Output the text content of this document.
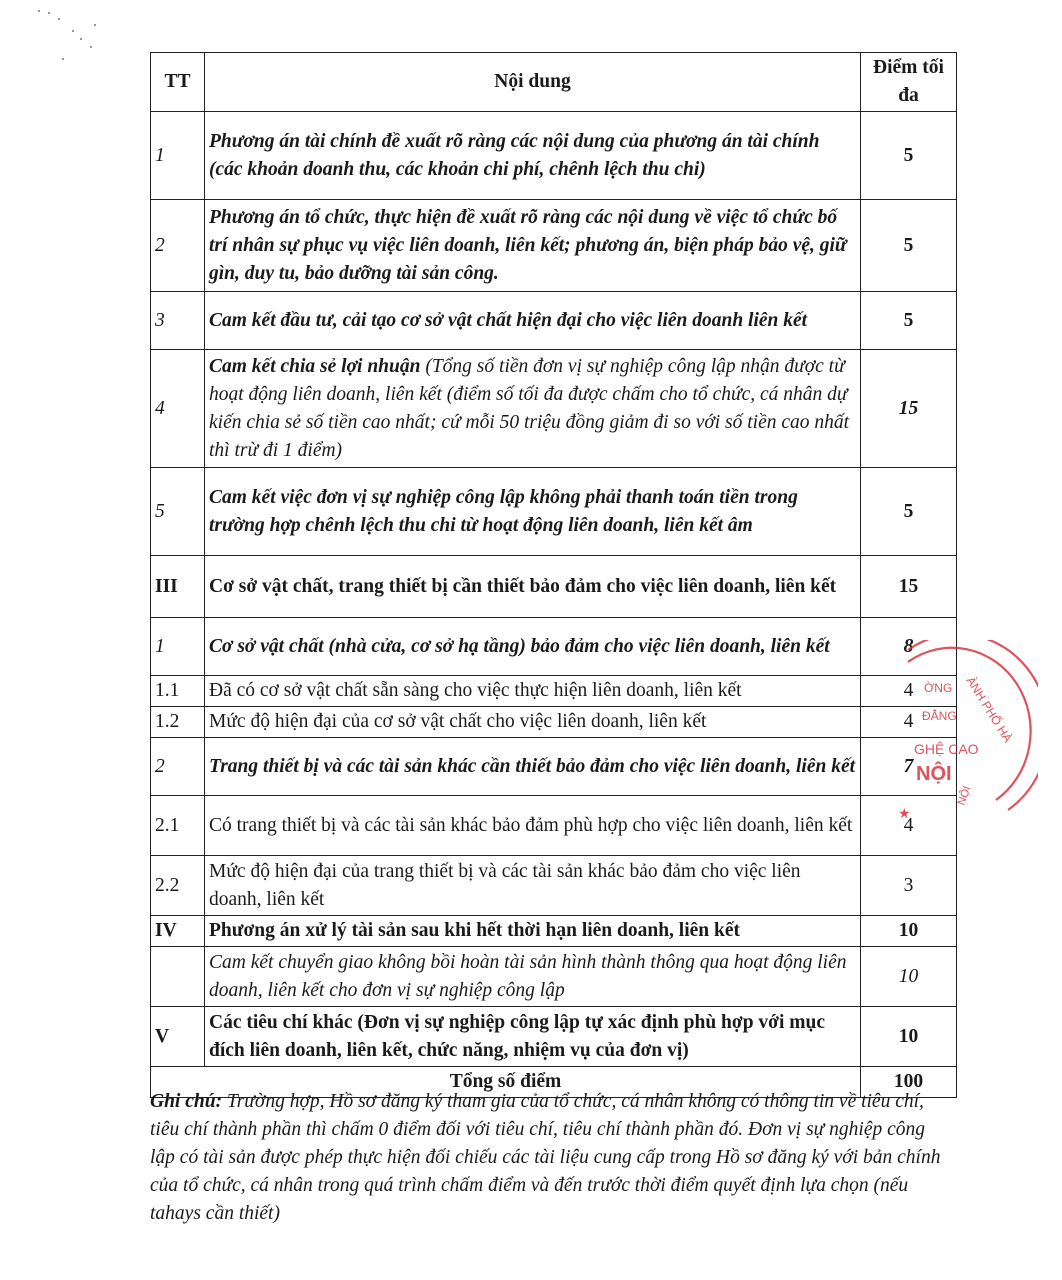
TT	Nội dung	Điểm tối đa
1	Phương án tài chính đề xuất rõ ràng các nội dung của phương án tài chính (các khoản doanh thu, các khoản chi phí, chênh lệch thu chi)	5
2	Phương án tổ chức, thực hiện đề xuất rõ ràng các nội dung về việc tổ chức bố trí nhân sự phục vụ việc liên doanh, liên kết; phương án, biện pháp bảo vệ, giữ gìn, duy tu, bảo dưỡng tài sản công.	5
3	Cam kết đầu tư, cải tạo cơ sở vật chất hiện đại cho việc liên doanh liên kết	5
4	Cam kết chia sẻ lợi nhuận (Tổng số tiền đơn vị sự nghiệp công lập nhận được từ hoạt động liên doanh, liên kết (điểm số tối đa được chấm cho tổ chức, cá nhân dự kiến chia sẻ số tiền cao nhất; cứ mỗi 50 triệu đồng giảm đi so với số tiền cao nhất thì trừ đi 1 điểm)	15
5	Cam kết việc đơn vị sự nghiệp công lập không phải thanh toán tiền trong trường hợp chênh lệch thu chi từ hoạt động liên doanh, liên kết âm	5
III	Cơ sở vật chất, trang thiết bị cần thiết bảo đảm cho việc liên doanh, liên kết	15
1	Cơ sở vật chất (nhà cửa, cơ sở hạ tầng) bảo đảm cho việc liên doanh, liên kết	8
1.1	Đã có cơ sở vật chất sẵn sàng cho việc thực hiện liên doanh, liên kết	4
1.2	Mức độ hiện đại của cơ sở vật chất cho việc liên doanh, liên kết	4
2	Trang thiết bị và các tài sản khác cần thiết bảo đảm cho việc liên doanh, liên kết	7
2.1	Có trang thiết bị và các tài sản khác bảo đảm phù hợp cho việc liên doanh, liên kết	4
2.2	Mức độ hiện đại của trang thiết bị và các tài sản khác bảo đảm cho việc liên doanh, liên kết	3
IV	Phương án xử lý tài sản sau khi hết thời hạn liên doanh, liên kết	10
	Cam kết chuyển giao không bồi hoàn tài sản hình thành thông qua hoạt động liên doanh, liên kết cho đơn vị sự nghiệp công lập	10
V	Các tiêu chí khác (Đơn vị sự nghiệp công lập tự xác định phù hợp với mục đích liên doanh, liên kết, chức năng, nhiệm vụ của đơn vị)	10
Tổng số điểm		100
Ghi chú: Trường hợp, Hồ sơ đăng ký tham gia của tổ chức, cá nhân không có thông tin về tiêu chí, tiêu chí thành phần thì chấm 0 điểm đối với tiêu chí, tiêu chí thành phần đó. Đơn vị sự nghiệp công lập có tài sản được phép thực hiện đối chiếu các tài liệu cung cấp trong Hồ sơ đăng ký với bản chính của tổ chức, cá nhân trong quá trình chấm điểm và đến trước thời điểm quyết định lựa chọn (nếu tahays cần thiết)
ÀNH PHỐ HÀ
ỜNG
ĐẲNG
GHỆ CAO
NỘI
NỘI
★
